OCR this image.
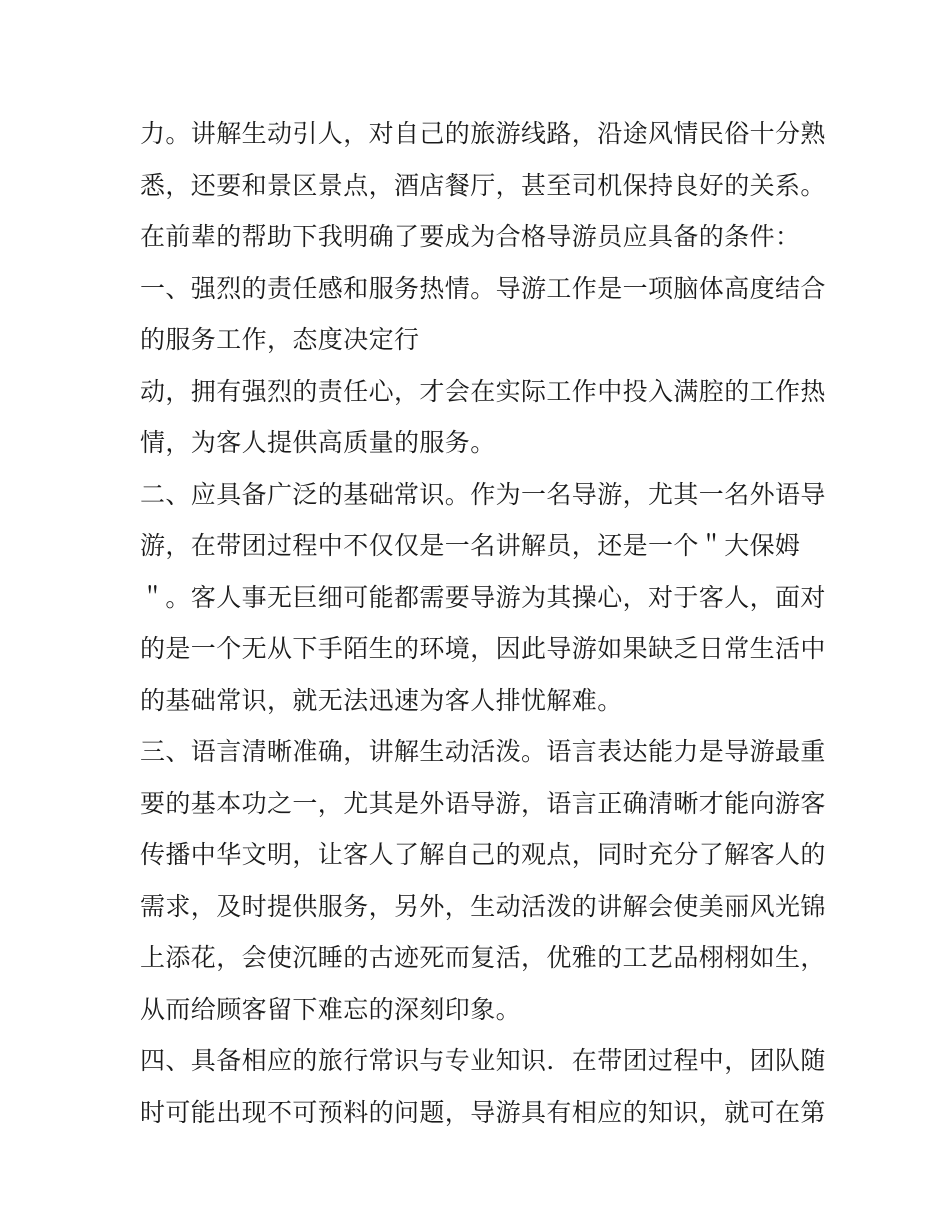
力。讲解生动引人，对自己的旅游线路，沿途风情民俗十分熟
悉，还要和景区景点，酒店餐厅，甚至司机保持良好的关系。
在前辈的帮助下我明确了要成为合格导游员应具备的条件：
一、强烈的责任感和服务热情。导游工作是一项脑体高度结合
的服务工作，态度决定行
动，拥有强烈的责任心，才会在实际工作中投入满腔的工作热
情，为客人提供高质量的服务。
二、应具备广泛的基础常识。作为一名导游，尤其一名外语导
游，在带团过程中不仅仅是一名讲解员，还是一个＂大保姆
＂。客人事无巨细可能都需要导游为其操心，对于客人，面对
的是一个无从下手陌生的环境，因此导游如果缺乏日常生活中
的基础常识，就无法迅速为客人排忧解难。
三、语言清晰准确，讲解生动活泼。语言表达能力是导游最重
要的基本功之一，尤其是外语导游，语言正确清晰才能向游客
传播中华文明，让客人了解自己的观点，同时充分了解客人的
需求，及时提供服务，另外，生动活泼的讲解会使美丽风光锦
上添花，会使沉睡的古迹死而复活，优雅的工艺品栩栩如生，
从而给顾客留下难忘的深刻印象。
四、具备相应的旅行常识与专业知识．在带团过程中，团队随
时可能出现不可预料的问题，导游具有相应的知识，就可在第
